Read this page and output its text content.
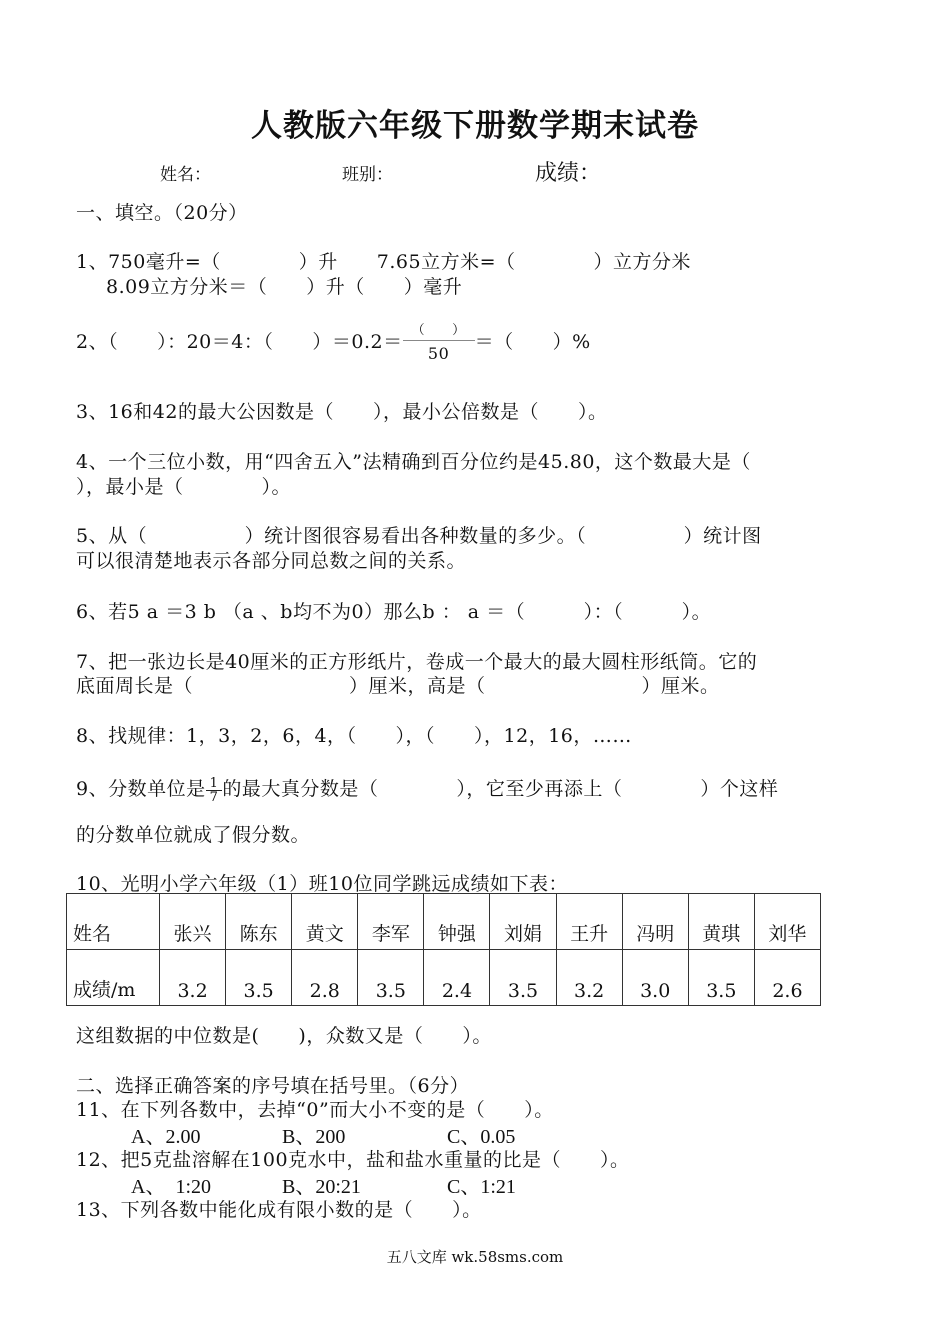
人教版六年级下册数学期末试卷
姓名：	班别：	成绩：
一、填空。（20分）
1、750毫升=（　　　　）升　　7.65立方米=（　　　　）立方分米
8.09立方分米＝（　　）升（　　）毫升
2、（　　）：20＝4：（　　）$=0.2= \frac{( )}{50}$ ＝（　　）%
3、16和42的最大公因数是（　　），最小公倍数是（　　）。
4、一个三位小数，用“四舍五入”法精确到百分位约是45.80，这个数最大是（
），最小是（　　　　）。
5、从（　　　　　）统计图很容易看出各种数量的多少。（　　　　　）统计图
可以很清楚地表示各部分同总数之间的关系。
6、若5 a ＝3 b （a 、b均不为0）那么b ： a ＝（　　　）：（　　　）。
7、把一张边长是40厘米的正方形纸片，卷成一个最大的最大圆柱形纸筒。它的
底面周长是（　　　　　　　　）厘米，高是（　　　　　　　　）厘米。
8、找规律：1，3，2，6，4，（　　），（　　），12，16，……
9、分数单位是 $\frac{1}{7}$ 的最大真分数是（　　　　），它至少再添上（　　　　）个这样
的分数单位就成了假分数。
10、光明小学六年级（1）班10位同学跳远成绩如下表：
姓名	张兴	陈东	黄文	李军	钟强	刘娟	王升	冯明	黄琪	刘华
成绩/m	3.2	3.5	2.8	3.5	2.4	3.5	3.2	3.0	3.5	2.6
这组数据的中位数是(　　)，众数又是（　　）。
二、选择正确答案的序号填在括号里。（6分）
11、在下列各数中，去掉“0”而大小不变的是（　　）。
A、2.00	B、200	C、0.05
12、把5克盐溶解在100克水中，盐和盐水重量的比是（　　）。
A、　1:20	B、20:21	C、1:21
13、下列各数中能化成有限小数的是（　　）。
五八文库 wk.58sms.com
